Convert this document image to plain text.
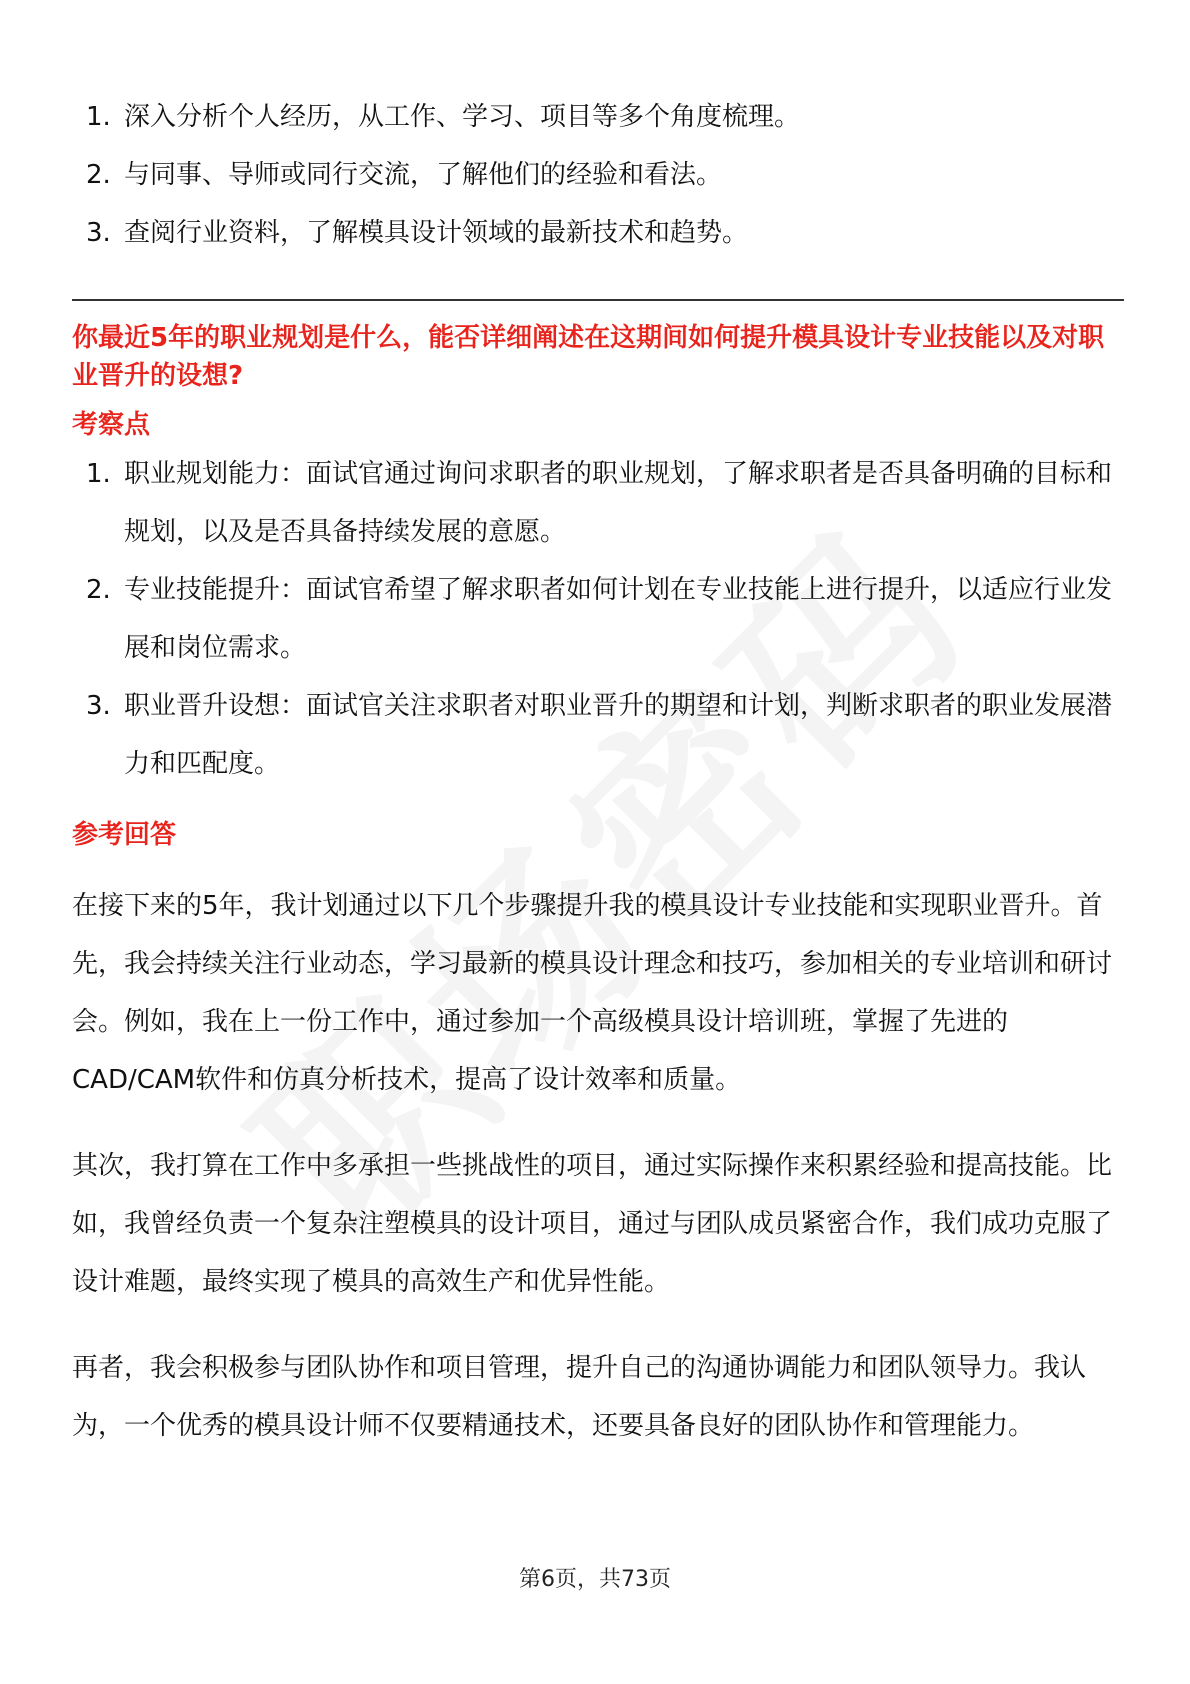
1. 深入分析个人经历，从工作、学习、项目等多个角度梳理。
2. 与同事、导师或同行交流，了解他们的经验和看法。
3. 查阅行业资料，了解模具设计领域的最新技术和趋势。
你最近5年的职业规划是什么，能否详细阐述在这期间如何提升模具设计专业技能以及对职业晋升的设想?
考察点
1. 职业规划能力：面试官通过询问求职者的职业规划，了解求职者是否具备明确的目标和规划，以及是否具备持续发展的意愿。
2. 专业技能提升：面试官希望了解求职者如何计划在专业技能上进行提升，以适应行业发展和岗位需求。
3. 职业晋升设想：面试官关注求职者对职业晋升的期望和计划，判断求职者的职业发展潜力和匹配度。
参考回答

在接下来的5年，我计划通过以下几个步骤提升我的模具设计专业技能和实现职业晋升。首先，我会持续关注行业动态，学习最新的模具设计理念和技巧，参加相关的专业培训和研讨会。例如，我在上一份工作中，通过参加一个高级模具设计培训班，掌握了先进的CAD/CAM软件和仿真分析技术，提高了设计效率和质量。

其次，我打算在工作中多承担一些挑战性的项目，通过实际操作来积累经验和提高技能。比如，我曾经负责一个复杂注塑模具的设计项目，通过与团队成员紧密合作，我们成功克服了设计难题，最终实现了模具的高效生产和优异性能。

再者，我会积极参与团队协作和项目管理，提升自己的沟通协调能力和团队领导力。我认为，一个优秀的模具设计师不仅要精通技术，还要具备良好的团队协作和管理能力。

第6页，共73页
